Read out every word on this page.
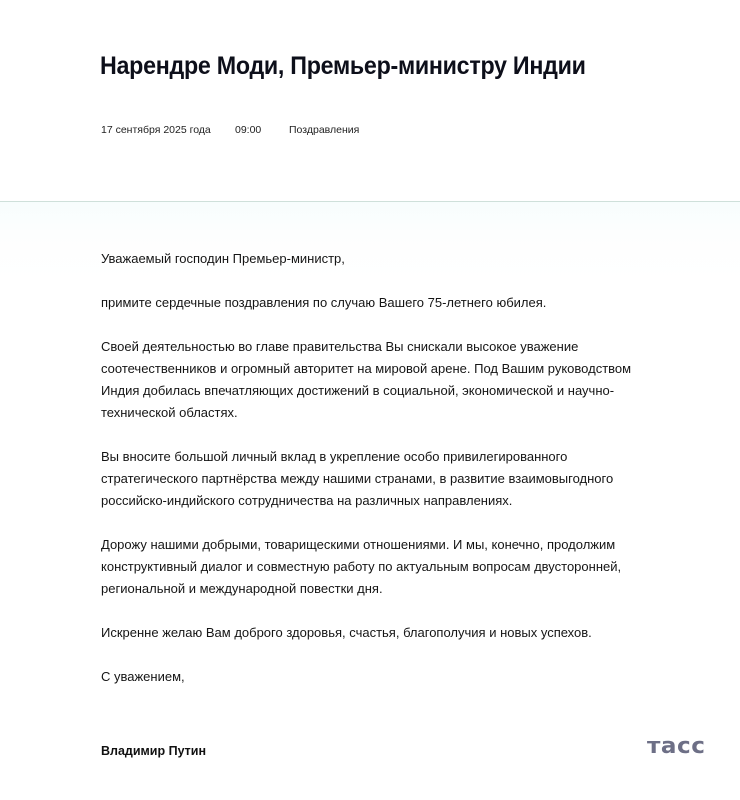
Нарендре Моди, Премьер-министру Индии
17 сентября 2025 года 09:00	Поздравления

Уважаемый господин Премьер-министр,

примите сердечные поздравления по случаю Вашего 75-летнего юбилея.

Своей деятельностью во главе правительства Вы снискали высокое уважение соотечественников и огромный авторитет на мировой арене. Под Вашим руководством Индия добилась впечатляющих достижений в социальной, экономической и научно-технической областях.

Вы вносите большой личный вклад в укрепление особо привилегированного стратегического партнёрства между нашими странами, в развитие взаимовыгодного российско-индийского сотрудничества на различных направлениях.

Дорожу нашими добрыми, товарищескими отношениями. И мы, конечно, продолжим конструктивный диалог и совместную работу по актуальным вопросам двусторонней, региональной и международной повестки дня.

Искренне желаю Вам доброго здоровья, счастья, благополучия и новых успехов.

С уважением,

Владимир Путин	тасс
